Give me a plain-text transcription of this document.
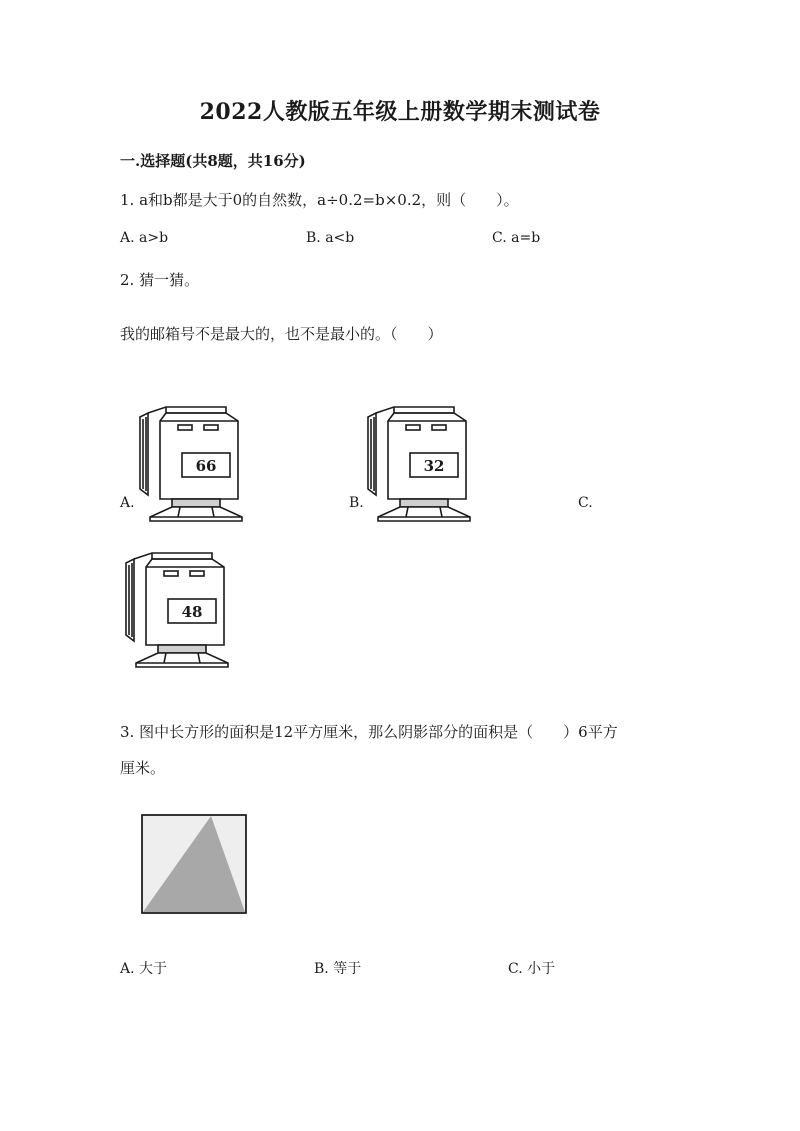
2022人教版五年级上册数学期末测试卷
一.选择题(共8题，共16分)
1. a和b都是大于0的自然数，a÷0.2=b×0.2，则（　　）。
A. a>b	B. a<b	C. a=b
2. 猜一猜。
我的邮箱号不是最大的，也不是最小的。（　　）
A.	B.	C.
66	32
48
3. 图中长方形的面积是12平方厘米，那么阴影部分的面积是（　　）6平方
厘米。
A. 大于	B. 等于	C. 小于
